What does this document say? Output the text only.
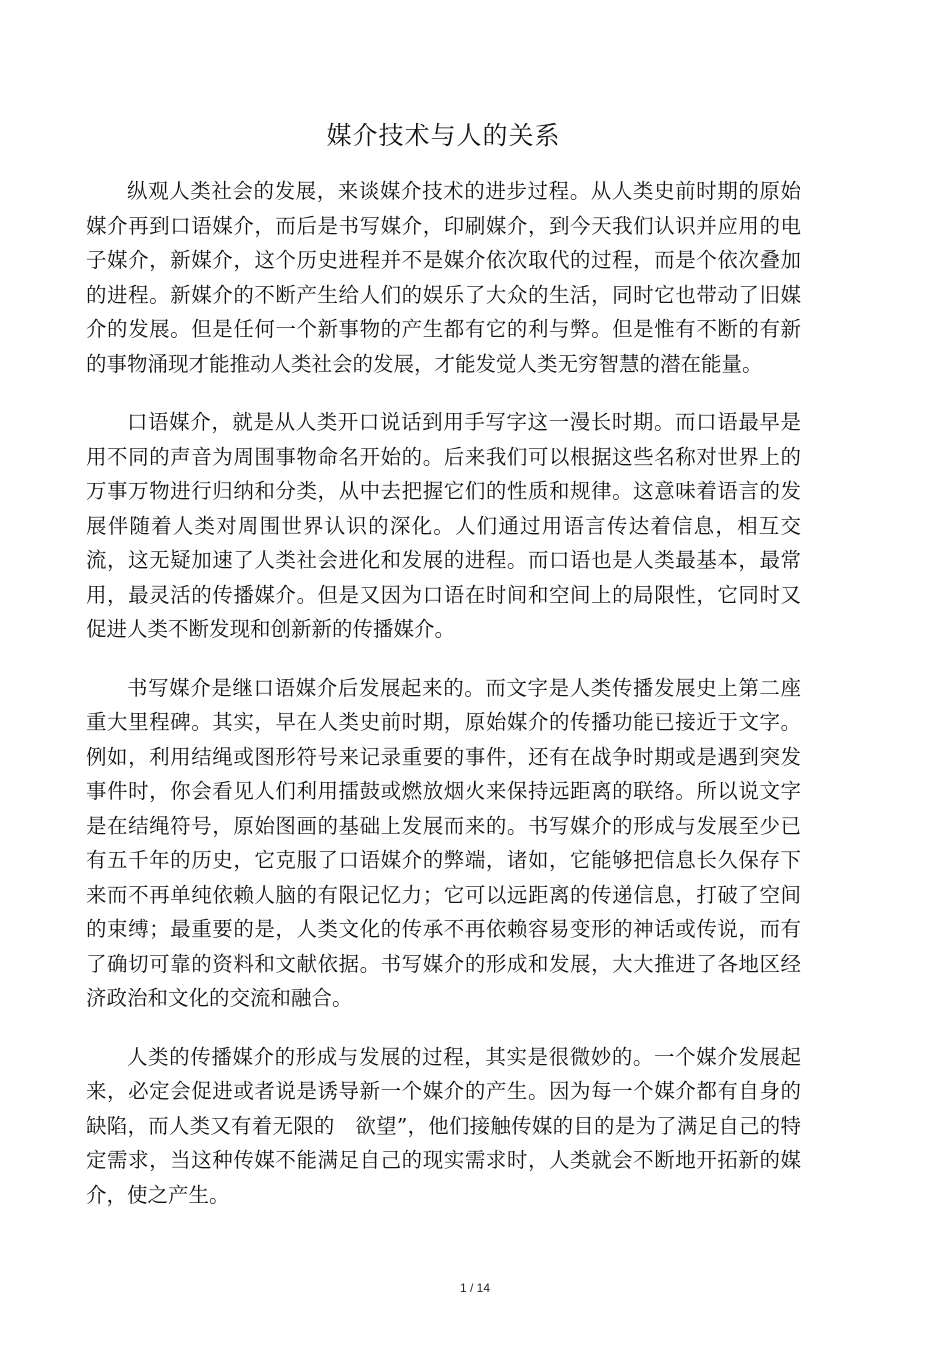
媒介技术与人的关系

纵观人类社会的发展，来谈媒介技术的进步过程。从人类史前时期的原始媒介再到口语媒介，而后是书写媒介，印刷媒介，到今天我们认识并应用的电子媒介，新媒介，这个历史进程并不是媒介依次取代的过程，而是个依次叠加的进程。新媒介的不断产生给人们的娱乐了大众的生活，同时它也带动了旧媒介的发展。但是任何一个新事物的产生都有它的利与弊。但是惟有不断的有新的事物涌现才能推动人类社会的发展，才能发觉人类无穷智慧的潜在能量。

口语媒介，就是从人类开口说话到用手写字这一漫长时期。而口语最早是用不同的声音为周围事物命名开始的。后来我们可以根据这些名称对世界上的万事万物进行归纳和分类，从中去把握它们的性质和规律。这意味着语言的发展伴随着人类对周围世界认识的深化。人们通过用语言传达着信息，相互交流，这无疑加速了人类社会进化和发展的进程。而口语也是人类最基本，最常用，最灵活的传播媒介。但是又因为口语在时间和空间上的局限性，它同时又促进人类不断发现和创新新的传播媒介。

书写媒介是继口语媒介后发展起来的。而文字是人类传播发展史上第二座重大里程碑。其实，早在人类史前时期，原始媒介的传播功能已接近于文字。例如，利用结绳或图形符号来记录重要的事件，还有在战争时期或是遇到突发事件时，你会看见人们利用擂鼓或燃放烟火来保持远距离的联络。所以说文字是在结绳符号，原始图画的基础上发展而来的。书写媒介的形成与发展至少已有五千年的历史，它克服了口语媒介的弊端，诸如，它能够把信息长久保存下来而不再单纯依赖人脑的有限记忆力；它可以远距离的传递信息，打破了空间的束缚；最重要的是，人类文化的传承不再依赖容易变形的神话或传说，而有了确切可靠的资料和文献依据。书写媒介的形成和发展，大大推进了各地区经济政治和文化的交流和融合。

人类的传播媒介的形成与发展的过程，其实是很微妙的。一个媒介发展起来，必定会促进或者说是诱导新一个媒介的产生。因为每一个媒介都有自身的缺陷，而人类又有着无限的　欲望”，他们接触传媒的目的是为了满足自己的特定需求，当这种传媒不能满足自己的现实需求时，人类就会不断地开拓新的媒介，使之产生。

1 / 14
